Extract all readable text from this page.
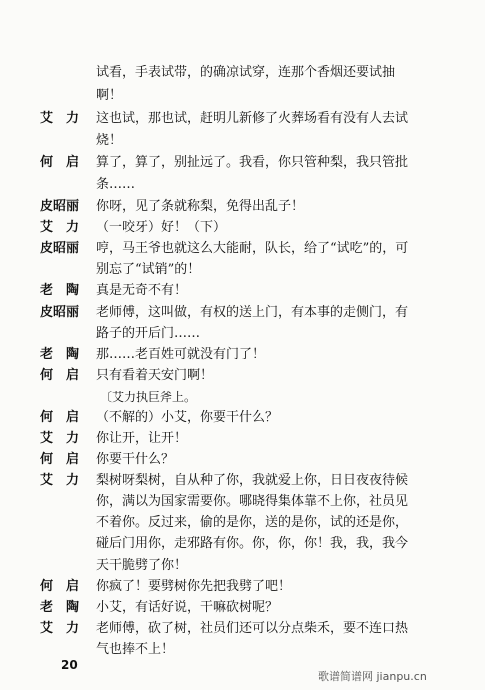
试看，手表试带，的确凉试穿，连那个香烟还要试抽
啊！
艾　力	这也试，那也试，赶明儿新修了火葬场看有没有人去试
烧！
何　启	算了，算了，别扯远了。我看，你只管种梨，我只管批
条……
皮昭丽	你呀，见了条就称梨，免得出乱子！
艾　力	（一咬牙）好！（下）
皮昭丽	哼，马王爷也就这么大能耐，队长，给了“试吃”的，可
别忘了“试销”的！
老　陶	真是无奇不有！
皮昭丽	老师傅，这叫做，有权的送上门，有本事的走侧门，有
路子的开后门……
老　陶	那……老百姓可就没有门了！
何　启	只有看着天安门啊！
〔艾力执巨斧上。
何　启	（不解的）小艾，你要干什么？
艾　力	你让开，让开！
何　启	你要干什么？
艾　力	梨树呀梨树，自从种了你，我就爱上你，日日夜夜待候
你，满以为国家需要你。哪晓得集体靠不上你，社员见
不着你。反过来，偷的是你，送的是你，试的还是你，
碰后门用你，走邪路有你。你，你，你！我，我，我今
天干脆劈了你！
何　启	你疯了！要劈树你先把我劈了吧！
老　陶	小艾，有话好说，干嘛砍树呢？
艾　力	老师傅，砍了树，社员们还可以分点柴禾，要不连口热
气也捧不上！
20
歌谱简谱网 jianpu.cn
